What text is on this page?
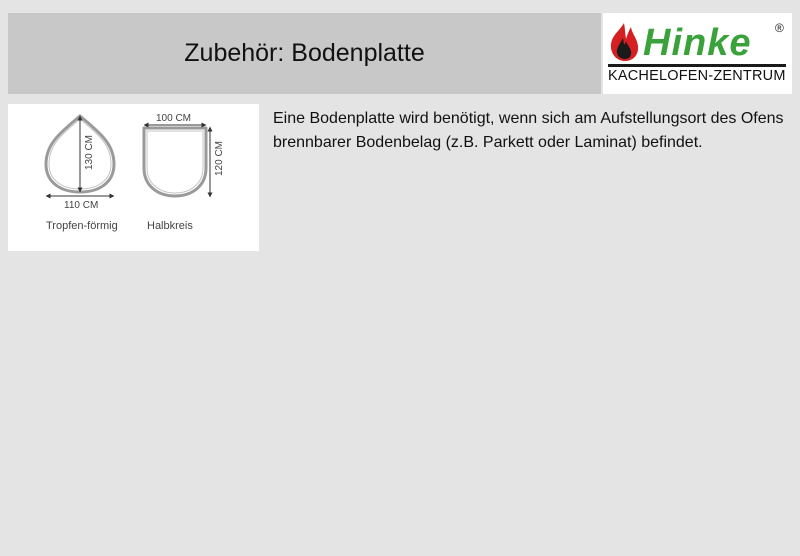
Zubehör: Bodenplatte	Hinke ®
KACHELOFEN-ZENTRUM
130 CM
110 CM
Tropfen-förmig
100 CM
120 CM
Halbkreis

Eine Bodenplatte wird benötigt, wenn sich am Aufstellungsort des Ofens brennbarer Bodenbelag (z.B. Parkett oder Laminat) befindet.
